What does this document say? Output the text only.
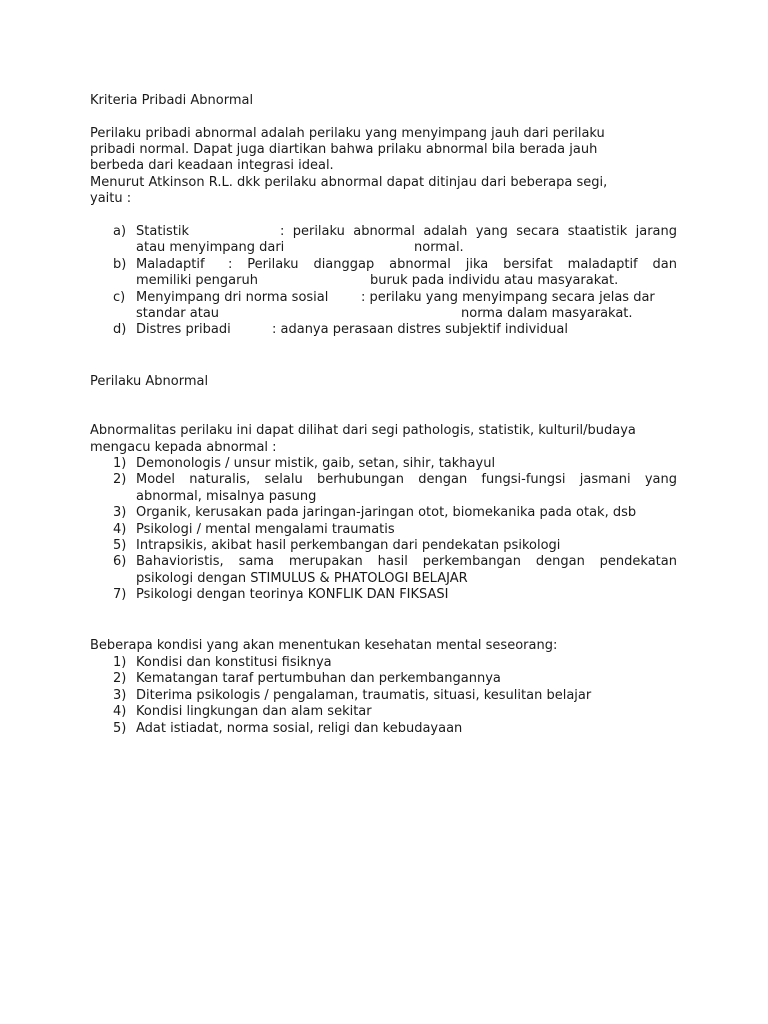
Kriteria Pribadi Abnormal
Perilaku pribadi abnormal adalah perilaku yang menyimpang jauh dari perilaku
pribadi normal. Dapat juga diartikan bahwa prilaku abnormal bila berada jauh
berbeda dari keadaan integrasi ideal.
Menurut Atkinson R.L. dkk perilaku abnormal dapat ditinjau dari beberapa segi,
yaitu :
a) Statistik	: perilaku abnormal adalah yang secara staatistik jarang
atau menyimpang dari	normal.
b) Maladaptif : Perilaku dianggap abnormal jika bersifat maladaptif dan
memiliki pengaruh	buruk pada individu atau masyarakat.
c) Menyimpang dri norma sosial	: perilaku yang menyimpang secara jelas dar
standar atau	norma dalam masyarakat.
d) Distres pribadi	: adanya perasaan distres subjektif individual
Perilaku Abnormal
Abnormalitas perilaku ini dapat dilihat dari segi pathologis, statistik, kulturil/budaya
mengacu kepada abnormal :
1) Demonologis / unsur mistik, gaib, setan, sihir, takhayul
2) Model naturalis, selalu berhubungan dengan fungsi-fungsi jasmani yang
abnormal, misalnya pasung
3) Organik, kerusakan pada jaringan-jaringan otot, biomekanika pada otak, dsb
4) Psikologi / mental mengalami traumatis
5) Intrapsikis, akibat hasil perkembangan dari pendekatan psikologi
6) Bahavioristis, sama merupakan hasil perkembangan dengan pendekatan
psikologi dengan STIMULUS & PHATOLOGI BELAJAR
7) Psikologi dengan teorinya KONFLIK DAN FIKSASI
Beberapa kondisi yang akan menentukan kesehatan mental seseorang:
1) Kondisi dan konstitusi fisiknya
2) Kematangan taraf pertumbuhan dan perkembangannya
3) Diterima psikologis / pengalaman, traumatis, situasi, kesulitan belajar
4) Kondisi lingkungan dan alam sekitar
5) Adat istiadat, norma sosial, religi dan kebudayaan
